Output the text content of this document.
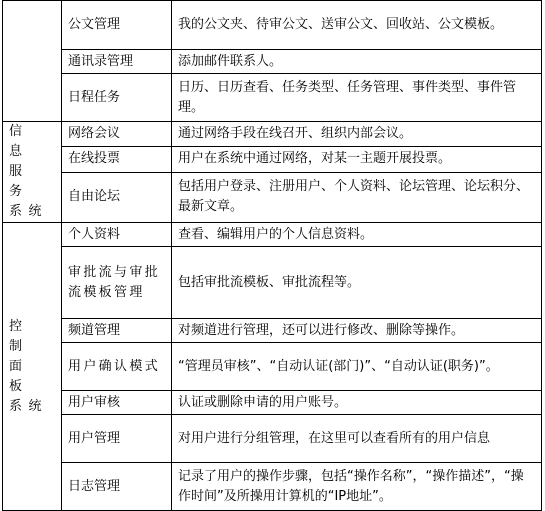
	公文管理	我的公文夹、待审公文、送审公文、回收站、公文模板。
	通讯录管理	添加邮件联系人。
	日程任务	日历、日历查看、任务类型、任务管理、事件类型、事件管理。

信　息
服　务
系统	网络会议	通过网络手段在线召开、组织内部会议。
	在线投票	用户在系统中通过网络，对某一主题开展投票。
	自由论坛	包括用户登录、注册用户、个人资料、论坛管理、论坛积分、最新文章。

控　制
面　板
系统	个人资料	查看、编辑用户的个人信息资料。
	审批流与审批流模板管理	包括审批流模板、审批流程等。
	频道管理	对频道进行管理，还可以进行修改、删除等操作。
	用户确认模式	“管理员审核”、“自动认证(部门)”、“自动认证(职务)”。
	用户审核	认证或删除申请的用户账号。
	用户管理	对用户进行分组管理，在这里可以查看所有的用户信息
	日志管理	记录了用户的操作步骤，包括“操作名称”，“操作描述”，“操作时间”及所操用计算机的“IP地址”。
